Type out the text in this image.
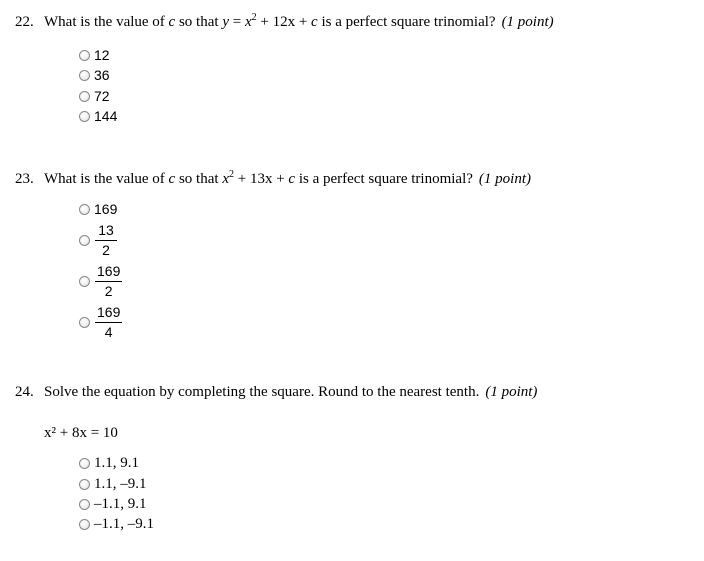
22. What is the value of c so that $y = x^2 + 12x + c$ is a perfect square trinomial? (1 point)
12
36
72
144
23. What is the value of c so that $x^2 + 13x + c$ is a perfect square trinomial? (1 point)
169
$\frac{13}{2}$
$\frac{169}{2}$
$\frac{169}{4}$
24. Solve the equation by completing the square. Round to the nearest tenth. (1 point)
x² + 8x = 10
1.1, 9.1
1.1, –9.1
–1.1, 9.1
–1.1, –9.1
